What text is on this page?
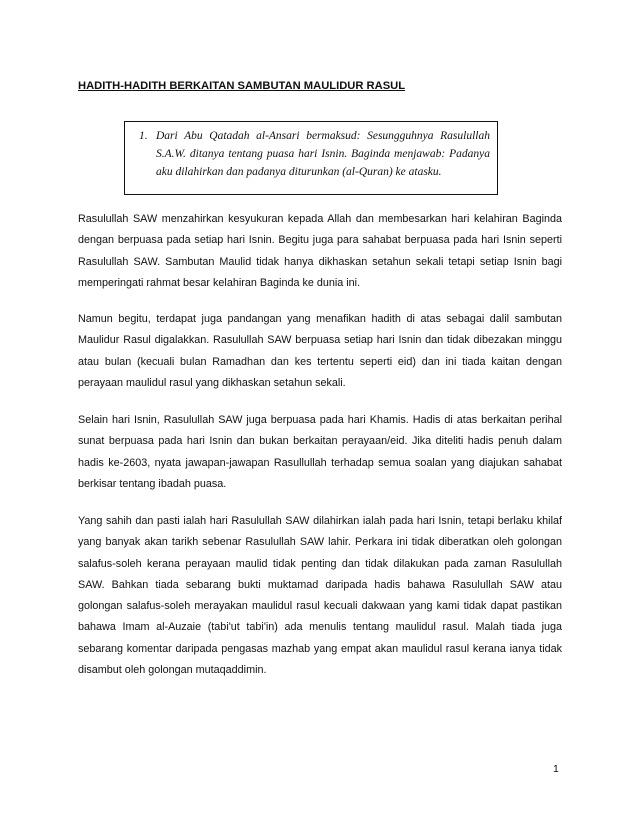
HADITH-HADITH BERKAITAN SAMBUTAN MAULIDUR RASUL
1. Dari Abu Qatadah al-Ansari bermaksud: Sesungguhnya Rasulullah S.A.W. ditanya tentang puasa hari Isnin. Baginda menjawab: Padanya aku dilahirkan dan padanya diturunkan (al-Quran) ke atasku.

Rasulullah SAW menzahirkan kesyukuran kepada Allah dan membesarkan hari kelahiran Baginda dengan berpuasa pada setiap hari Isnin. Begitu juga para sahabat berpuasa pada hari Isnin seperti Rasulullah SAW. Sambutan Maulid tidak hanya dikhaskan setahun sekali tetapi setiap Isnin bagi memperingati rahmat besar kelahiran Baginda ke dunia ini.

Namun begitu, terdapat juga pandangan yang menafikan hadith di atas sebagai dalil sambutan Maulidur Rasul digalakkan. Rasulullah SAW berpuasa setiap hari Isnin dan tidak dibezakan minggu atau bulan (kecuali bulan Ramadhan dan kes tertentu seperti eid) dan ini tiada kaitan dengan perayaan maulidul rasul yang dikhaskan setahun sekali.

Selain hari Isnin, Rasulullah SAW juga berpuasa pada hari Khamis. Hadis di atas berkaitan perihal sunat berpuasa pada hari Isnin dan bukan berkaitan perayaan/eid. Jika diteliti hadis penuh dalam hadis ke-2603, nyata jawapan-jawapan Rasullullah terhadap semua soalan yang diajukan sahabat berkisar tentang ibadah puasa.

Yang sahih dan pasti ialah hari Rasulullah SAW dilahirkan ialah pada hari Isnin, tetapi berlaku khilaf yang banyak akan tarikh sebenar Rasulullah SAW lahir. Perkara ini tidak diberatkan oleh golongan salafus-soleh kerana perayaan maulid tidak penting dan tidak dilakukan pada zaman Rasulullah SAW. Bahkan tiada sebarang bukti muktamad daripada hadis bahawa Rasulullah SAW atau golongan salafus-soleh merayakan maulidul rasul kecuali dakwaan yang kami tidak dapat pastikan bahawa Imam al-Auzaie (tabi'ut tabi'in) ada menulis tentang maulidul rasul. Malah tiada juga sebarang komentar daripada pengasas mazhab yang empat akan maulidul rasul kerana ianya tidak disambut oleh golongan mutaqaddimin.

1
